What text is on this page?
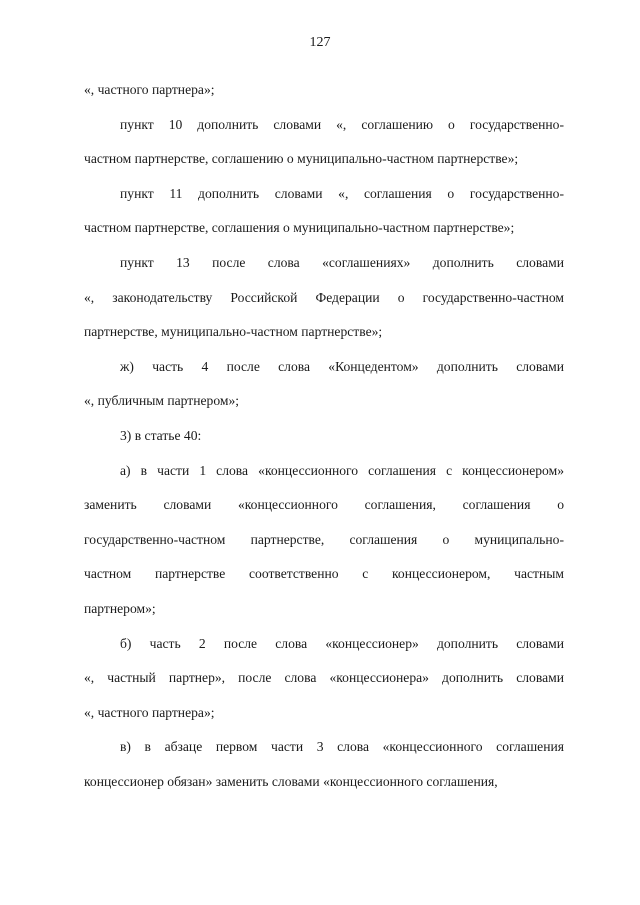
127

«, частного партнера»;

пункт 10 дополнить словами «, соглашению о государственно-
частном партнерстве, соглашению о муниципально-частном партнерстве»;

пункт 11 дополнить словами «, соглашения о государственно-
частном партнерстве, соглашения о муниципально-частном партнерстве»;

пункт 13 после слова «соглашениях» дополнить словами
«, законодательству Российской Федерации о государственно-частном
партнерстве, муниципально-частном партнерстве»;

ж) часть 4 после слова «Концедентом» дополнить словами
«, публичным партнером»;

3) в статье 40:

а) в части 1 слова «концессионного соглашения с концессионером»
заменить словами «концессионного соглашения, соглашения о
государственно-частном партнерстве, соглашения о муниципально-
частном партнерстве соответственно с концессионером, частным
партнером»;

б) часть 2 после слова «концессионер» дополнить словами
«, частный партнер», после слова «концессионера» дополнить словами
«, частного партнера»;

в) в абзаце первом части 3 слова «концессионного соглашения
концессионер обязан» заменить словами «концессионного соглашения,
